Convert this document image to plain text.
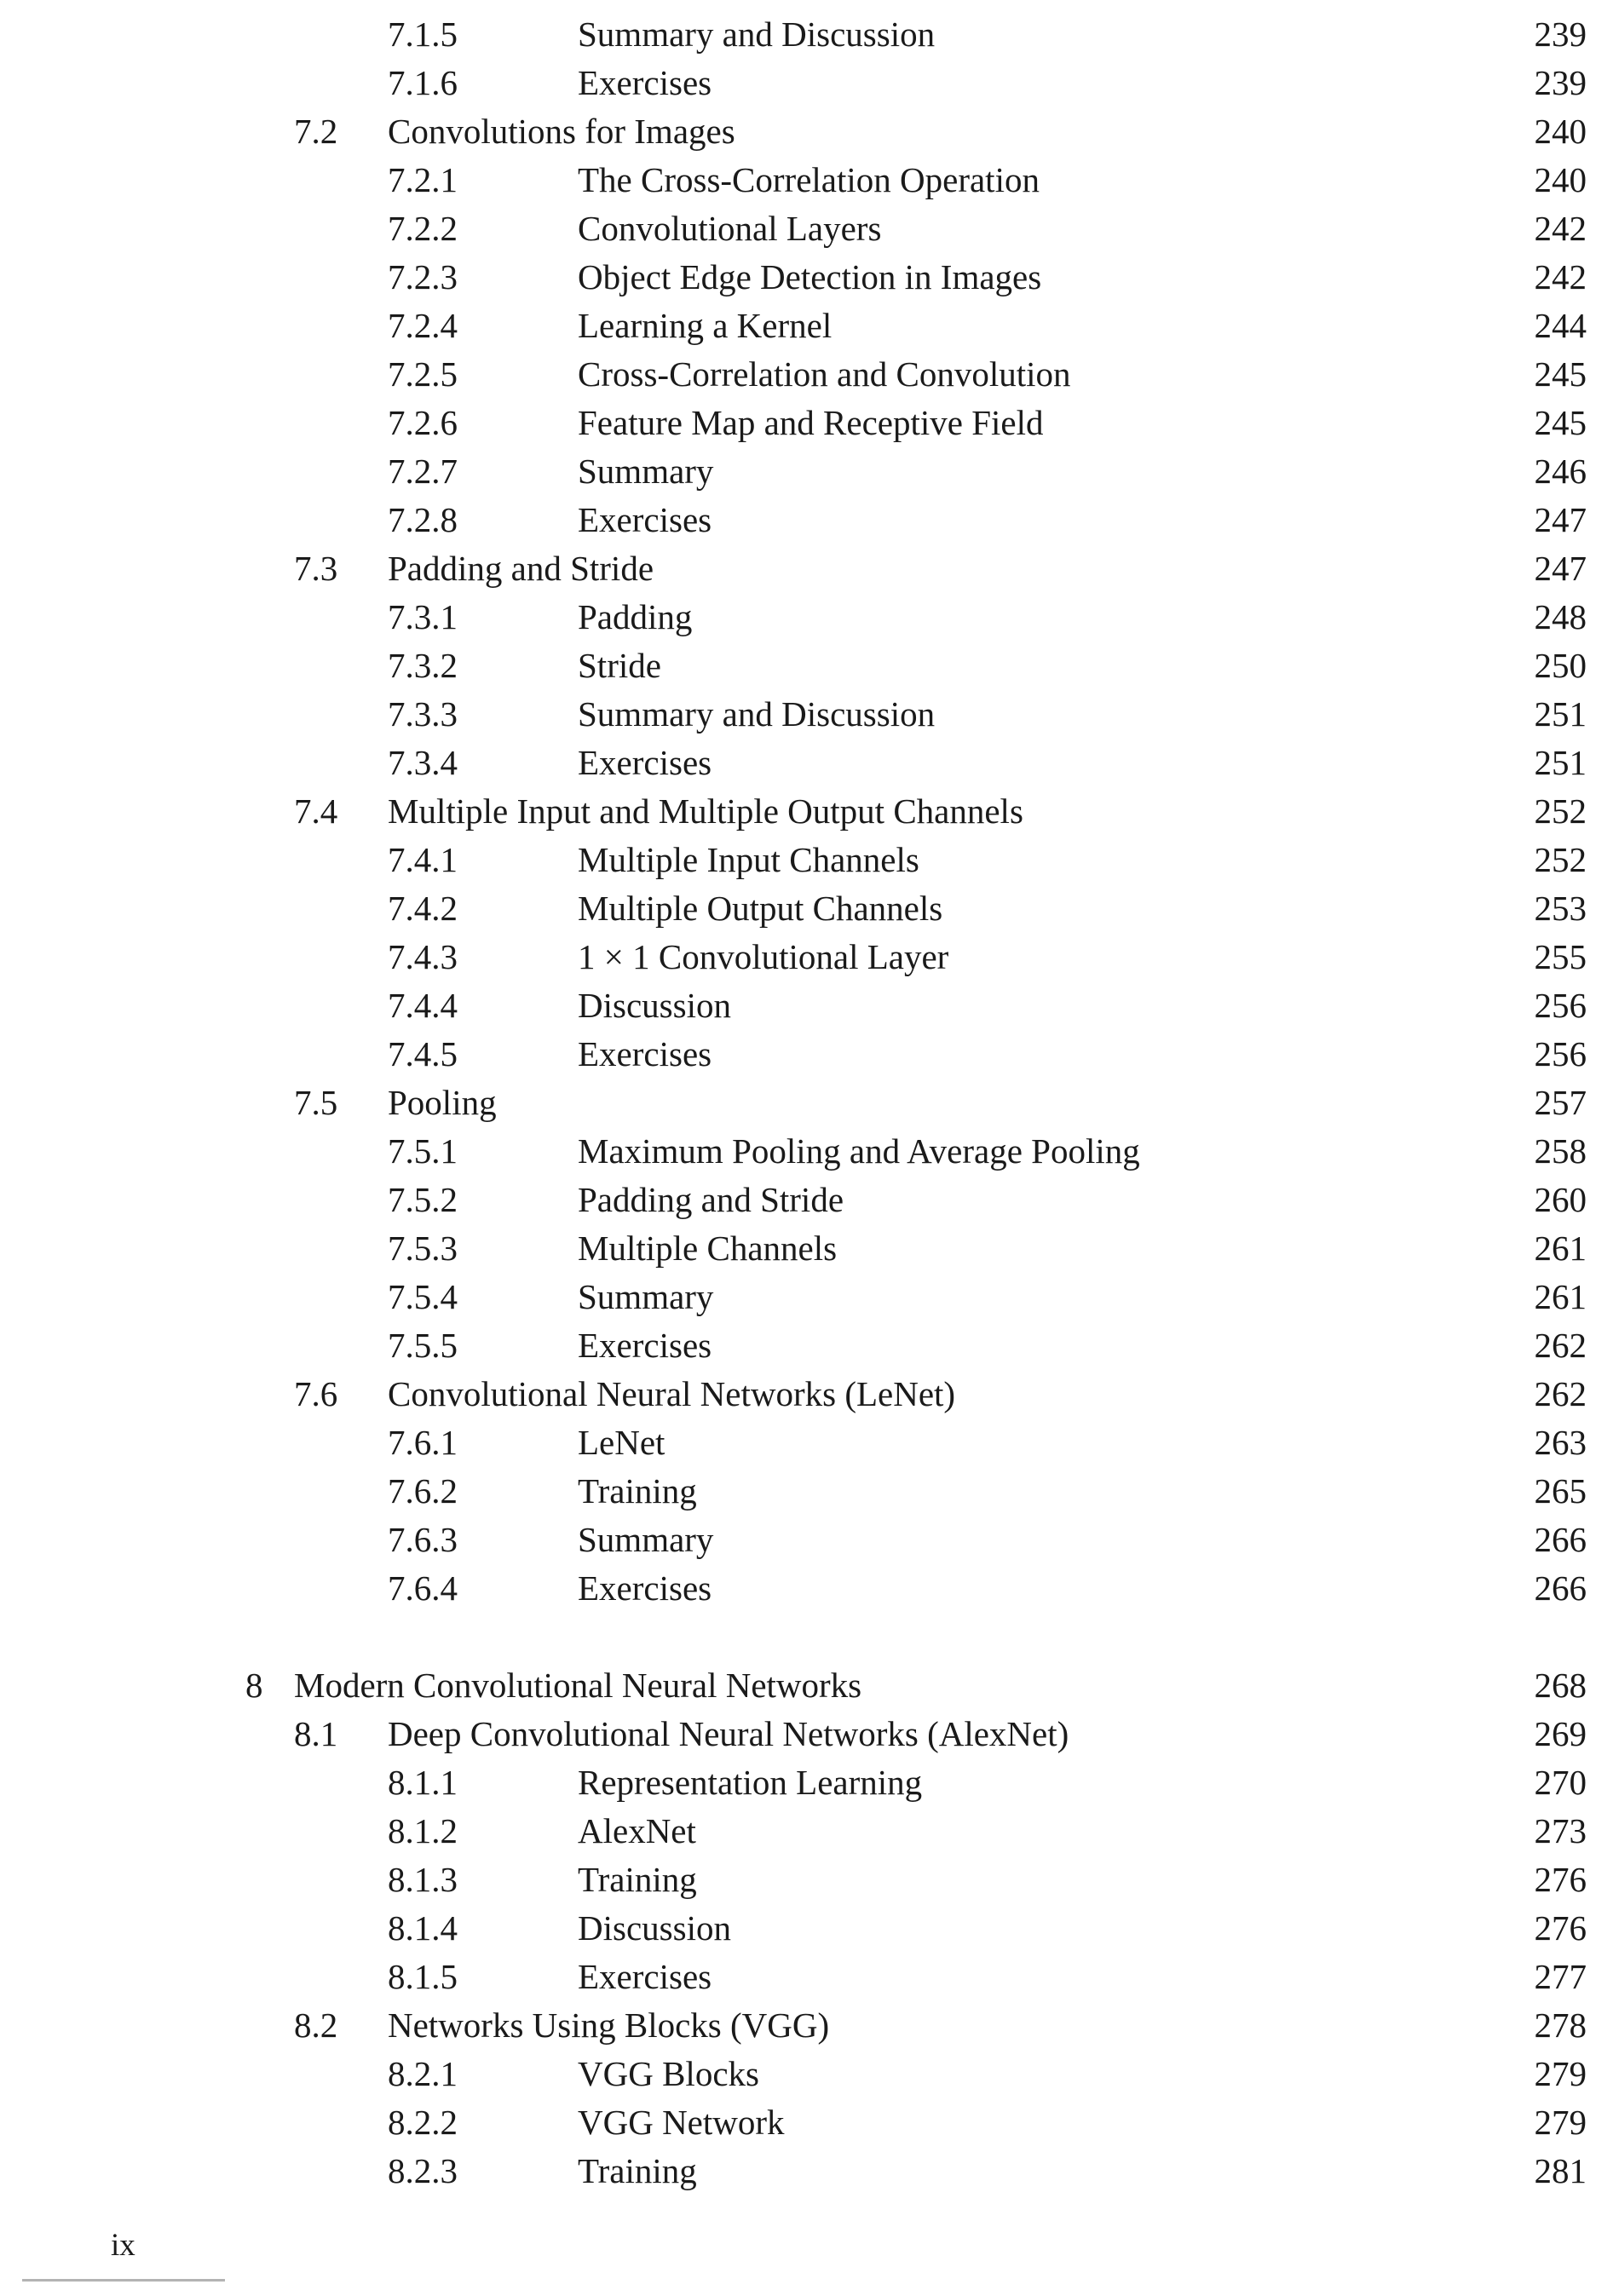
7.1.5	Summary and Discussion	239
7.1.6	Exercises	239
7.2 Convolutions for Images	240
7.2.1	The Cross-Correlation Operation	240
7.2.2	Convolutional Layers	242
7.2.3	Object Edge Detection in Images	242
7.2.4	Learning a Kernel	244
7.2.5	Cross-Correlation and Convolution	245
7.2.6	Feature Map and Receptive Field	245
7.2.7	Summary	246
7.2.8	Exercises	247
7.3 Padding and Stride	247
7.3.1	Padding	248
7.3.2	Stride	250
7.3.3	Summary and Discussion	251
7.3.4	Exercises	251
7.4 Multiple Input and Multiple Output Channels	252
7.4.1	Multiple Input Channels	252
7.4.2	Multiple Output Channels	253
7.4.3	1 × 1 Convolutional Layer	255
7.4.4	Discussion	256
7.4.5	Exercises	256
7.5 Pooling	257
7.5.1	Maximum Pooling and Average Pooling	258
7.5.2	Padding and Stride	260
7.5.3	Multiple Channels	261
7.5.4	Summary	261
7.5.5	Exercises	262
7.6 Convolutional Neural Networks (LeNet)	262
7.6.1	LeNet	263
7.6.2	Training	265
7.6.3	Summary	266
7.6.4	Exercises	266
8 Modern Convolutional Neural Networks	268
8.1 Deep Convolutional Neural Networks (AlexNet)	269
8.1.1	Representation Learning	270
8.1.2	AlexNet	273
8.1.3	Training	276
8.1.4	Discussion	276
8.1.5	Exercises	277
8.2 Networks Using Blocks (VGG)	278
8.2.1	VGG Blocks	279
8.2.2	VGG Network	279
8.2.3	Training	281
ix
